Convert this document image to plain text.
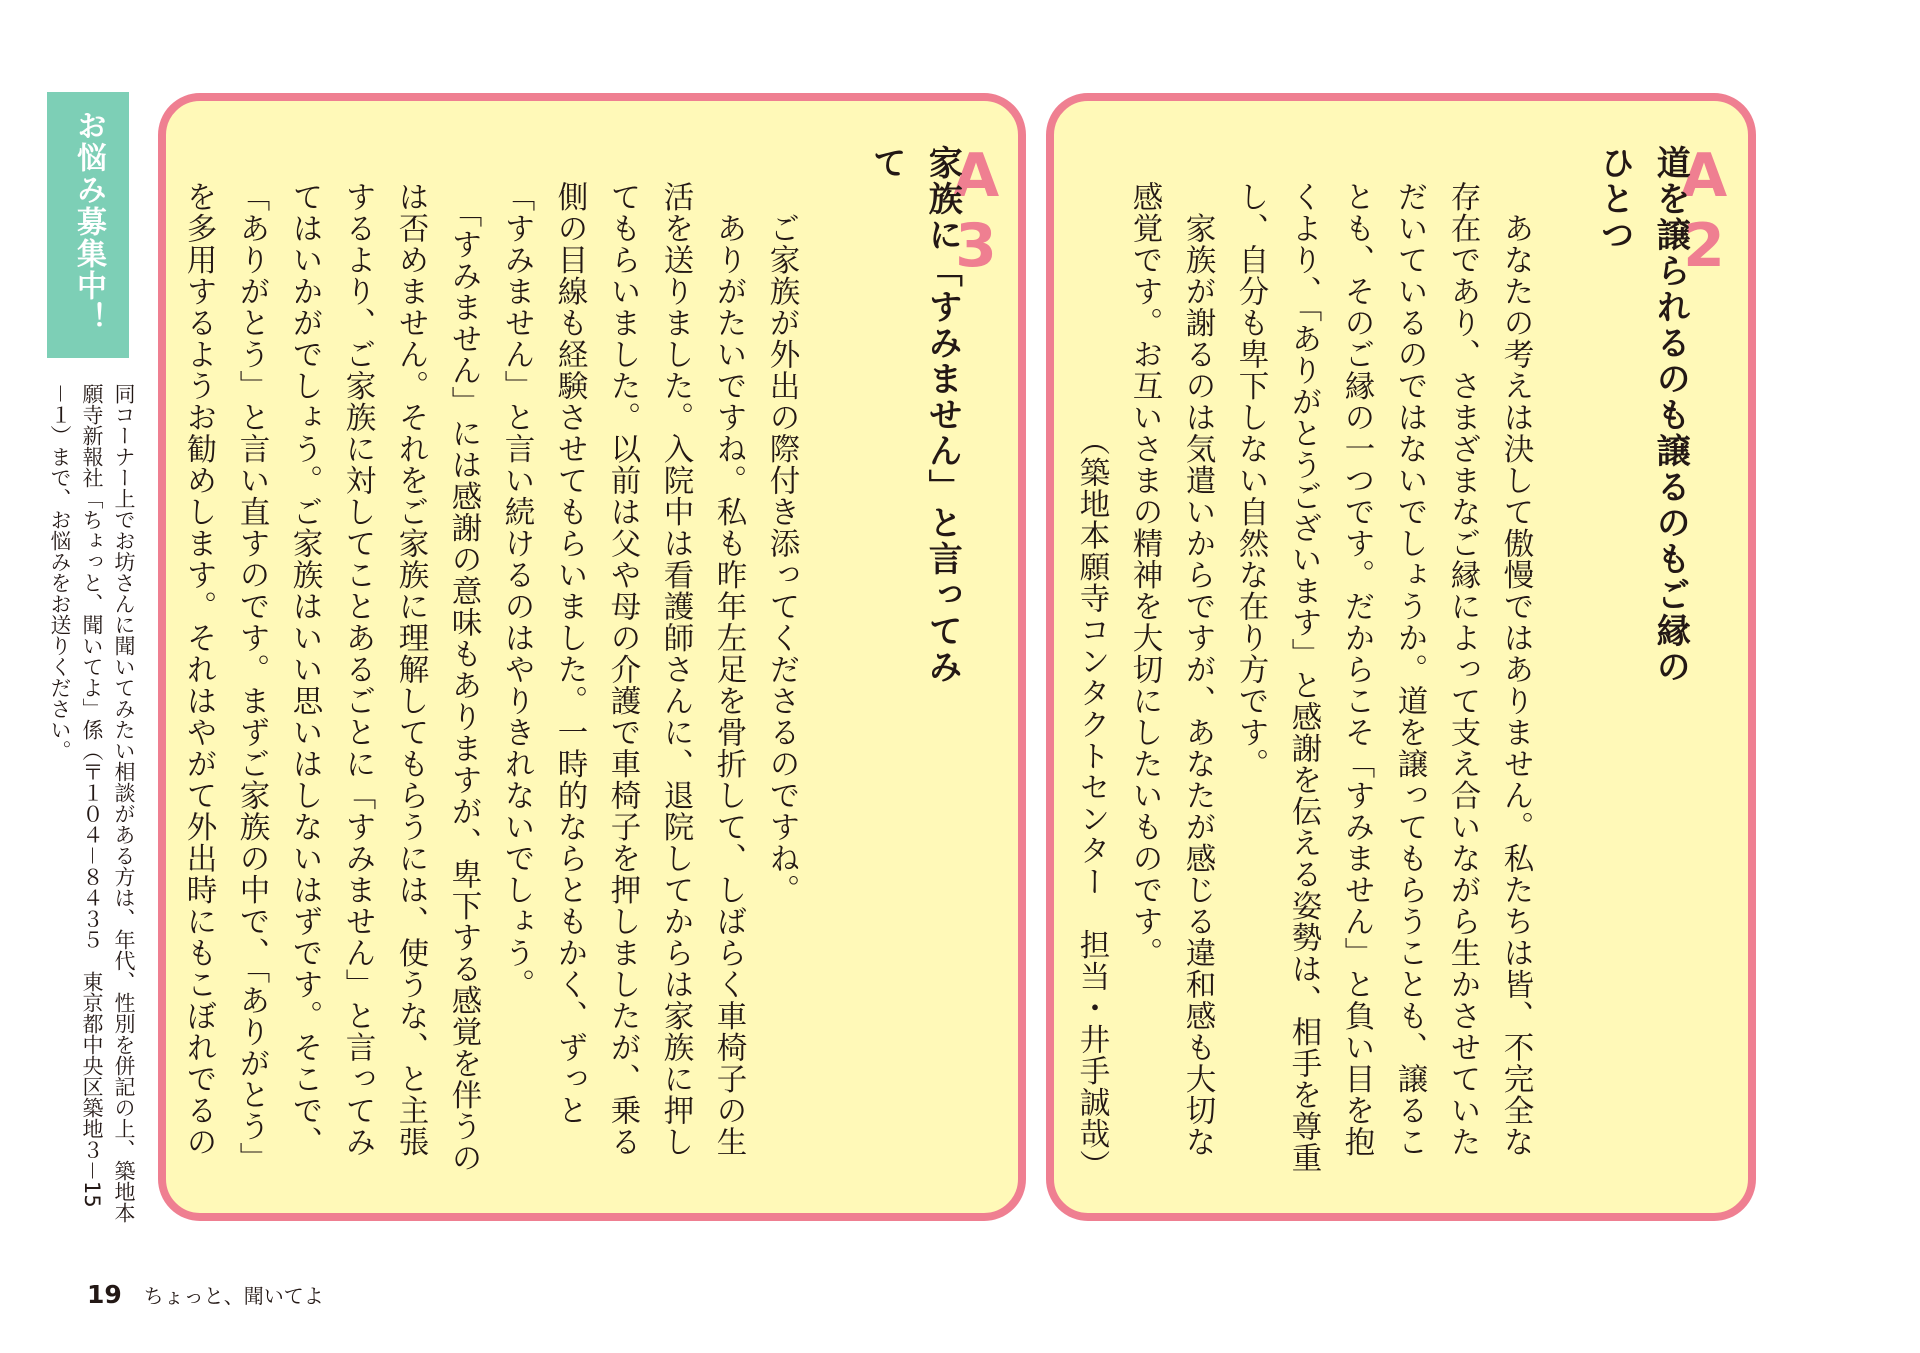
お悩み募集中！
同コーナー上でお坊さんに聞いてみたい相談がある方は、年代、性別を併記の上、築地本願寺新報社「ちょっと、聞いてよ」係（〒１０４－８４３５　東京都中央区築地３－15－１）まで、お悩みをお送りください。
A3
家族に「すみません」と言ってみて

　ご家族が外出の際付き添ってくださるのですね。

　ありがたいですね。私も昨年左足を骨折して、しばらく車椅子の生活を送りました。入院中は看護師さんに、退院してからは家族に押してもらいました。以前は父や母の介護で車椅子を押しましたが、乗る側の目線も経験させてもらいました。一時的ならともかく、ずっと「すみません」と言い続けるのはやりきれないでしょう。

　「すみません」には感謝の意味もありますが、卑下する感覚を伴うのは否めません。それをご家族に理解してもらうには、使うな、と主張するより、ご家族に対してことあるごとに「すみません」と言ってみてはいかがでしょう。ご家族はいい思いはしないはずです。そこで、「ありがとう」と言い直すのです。まずご家族の中で、「ありがとう」を多用するようお勧めします。それはやがて外出時にもこぼれでるの

A2
道を譲られるのも譲るのもご縁のひとつ

　あなたの考えは決して傲慢ではありません。私たちは皆、不完全な存在であり、さまざまなご縁によって支え合いながら生かさせていただいているのではないでしょうか。道を譲ってもらうことも、譲ることも、そのご縁の一つです。だからこそ「すみません」と負い目を抱くより、「ありがとうございます」と感謝を伝える姿勢は、相手を尊重し、自分も卑下しない自然な在り方です。

　家族が謝るのは気遣いからですが、あなたが感じる違和感も大切な感覚です。お互いさまの精神を大切にしたいものです。

（築地本願寺コンタクトセンター　担当・井手誠哉）

19 ちょっと、聞いてよ
